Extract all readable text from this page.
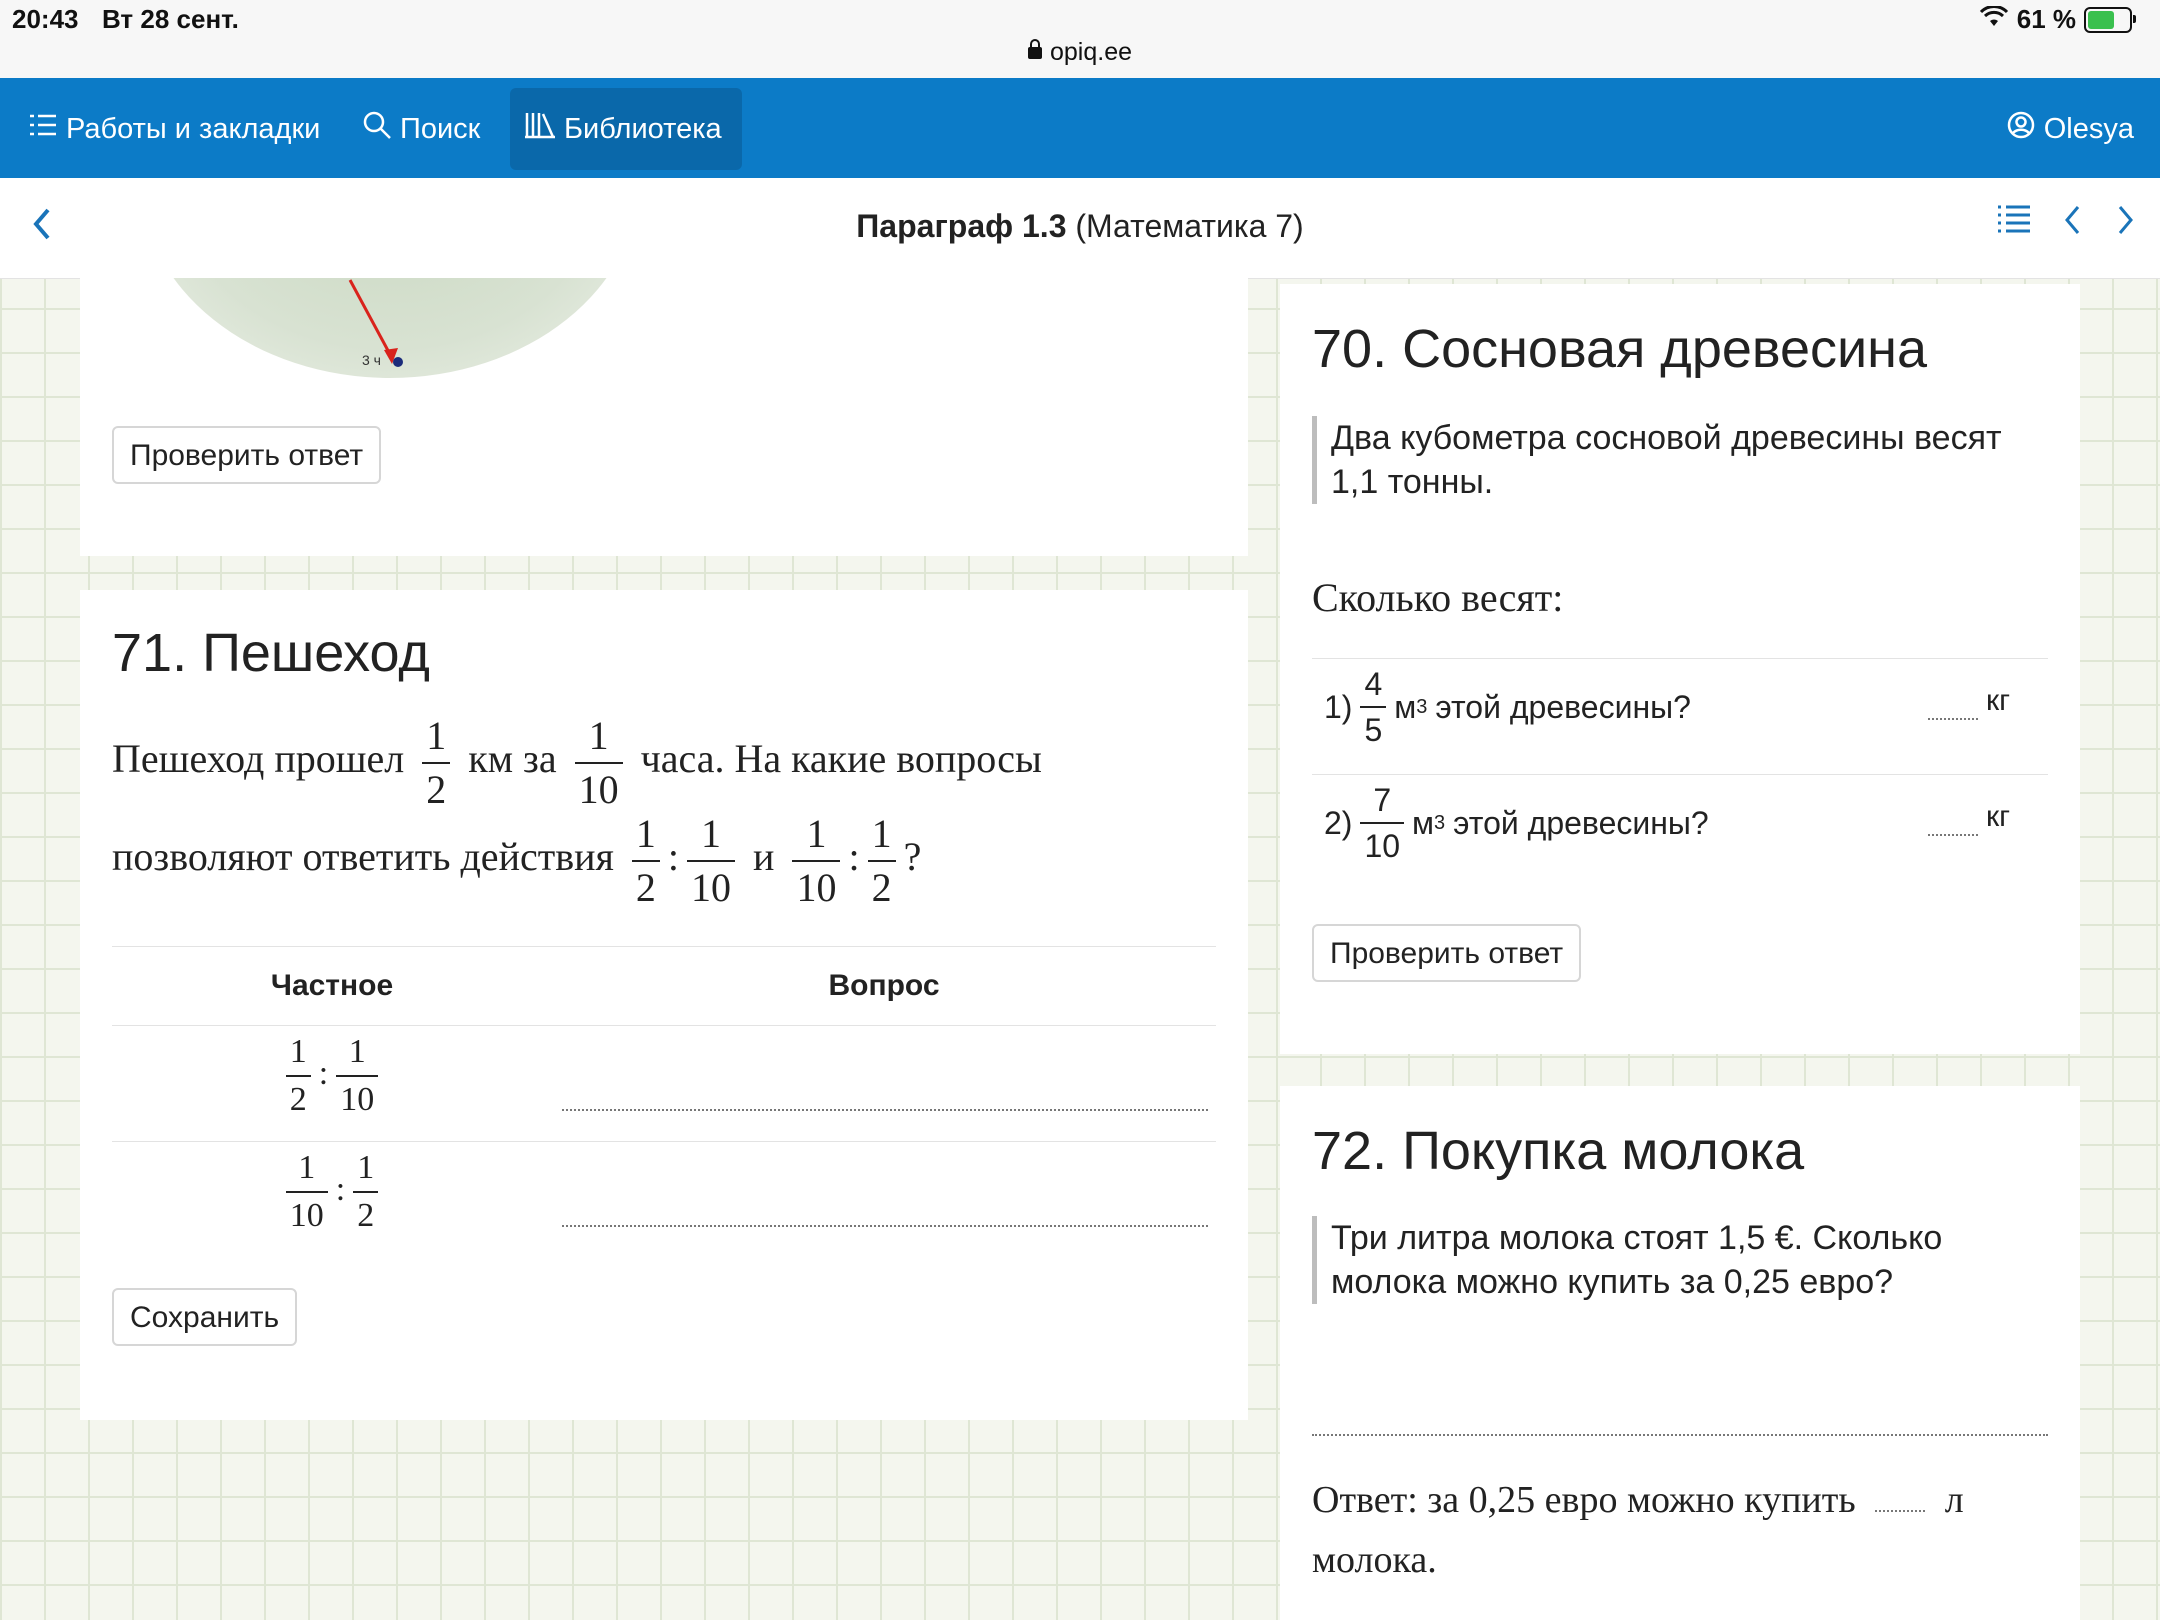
20:43 Вт 28 сент.
opiq.ee
61 %
Работы и закладки	Поиск	Библиотека	Olesya
Параграф 1.3 (Математика 7)
3 ч
Проверить ответ
71. Пешеход
Пешеход прошел $\frac{1}{2}$ км за $\frac{1}{10}$ часа. На какие вопросы
позволяют ответить действия $\frac{1}{2}$ : $\frac{1}{10}$ и $\frac{1}{10}$ : $\frac{1}{2}$ ?
Частное	Вопрос
$\frac{1}{2}$ : $\frac{1}{10}$
$\frac{1}{10}$ : $\frac{1}{2}$
Сохранить
70. Сосновая древесина
Два кубометра сосновой древесины весят 1,1 тонны.
Сколько весят:
$1) \frac{4}{5}$ м 3 этой древесины?	кг
$2) \frac{7}{10}$ м 3 этой древесины?	кг
Проверить ответ
72. Покупка молока
Три литра молока стоят 1,5 €. Сколько молока можно купить за 0,25 евро?
Ответ: за 0,25 евро можно купить л
молока.
